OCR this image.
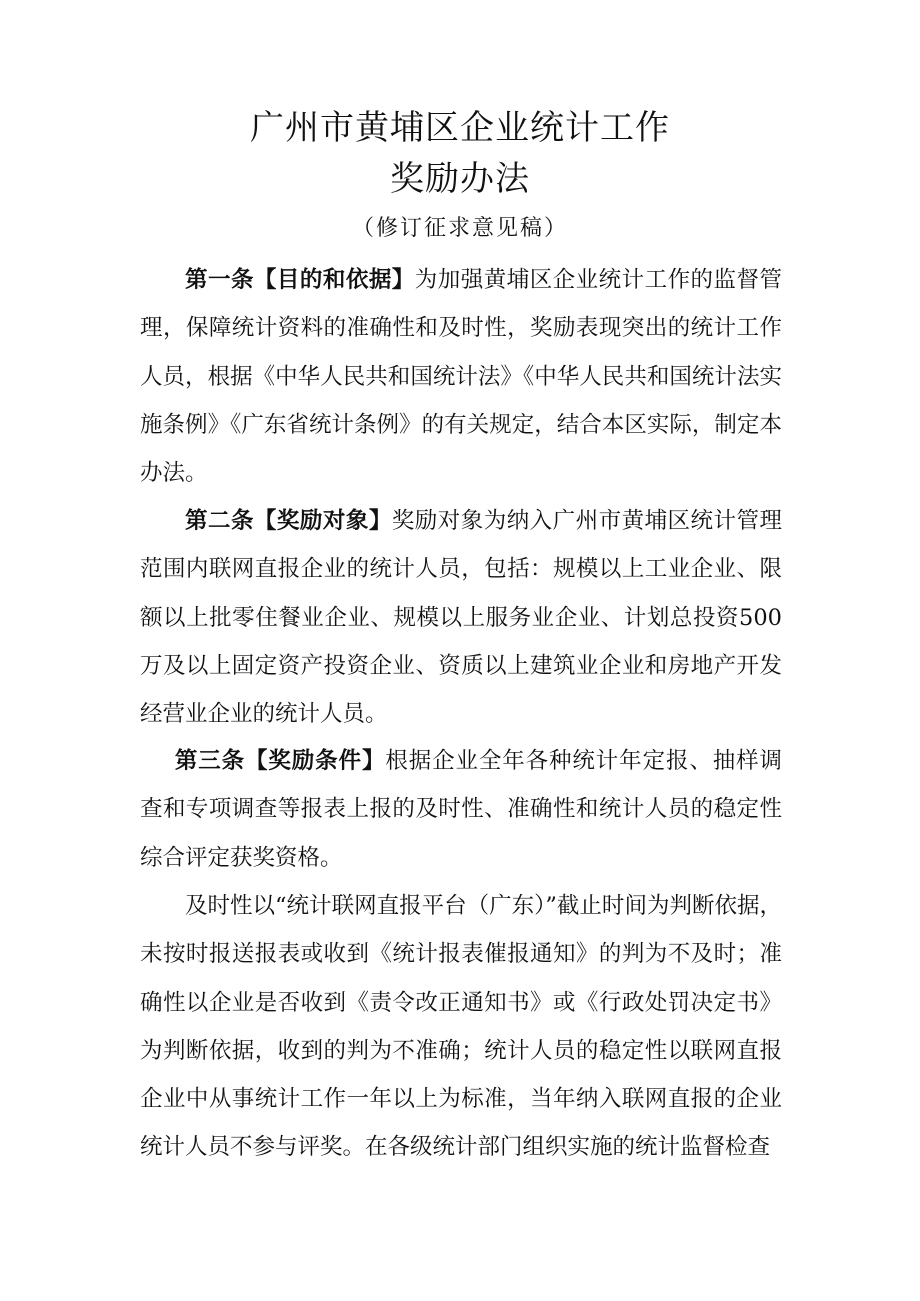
广州市黄埔区企业统计工作
奖励办法

（修订征求意见稿）

第一条【目的和依据】为加强黄埔区企业统计工作的监督管理，保障统计资料的准确性和及时性，奖励表现突出的统计工作人员，根据《中华人民共和国统计法》《中华人民共和国统计法实施条例》《广东省统计条例》的有关规定，结合本区实际，制定本办法。

第二条【奖励对象】奖励对象为纳入广州市黄埔区统计管理范围内联网直报企业的统计人员，包括：规模以上工业企业、限额以上批零住餐业企业、规模以上服务业企业、计划总投资500万及以上固定资产投资企业、资质以上建筑业企业和房地产开发经营业企业的统计人员。

第三条【奖励条件】根据企业全年各种统计年定报、抽样调查和专项调查等报表上报的及时性、准确性和统计人员的稳定性综合评定获奖资格。

及时性以“统计联网直报平台（广东）”截止时间为判断依据，未按时报送报表或收到《统计报表催报通知》的判为不及时；准确性以企业是否收到《责令改正通知书》或《行政处罚决定书》为判断依据，收到的判为不准确；统计人员的稳定性以联网直报企业中从事统计工作一年以上为标准，当年纳入联网直报的企业统计人员不参与评奖。在各级统计部门组织实施的统计监督检查
